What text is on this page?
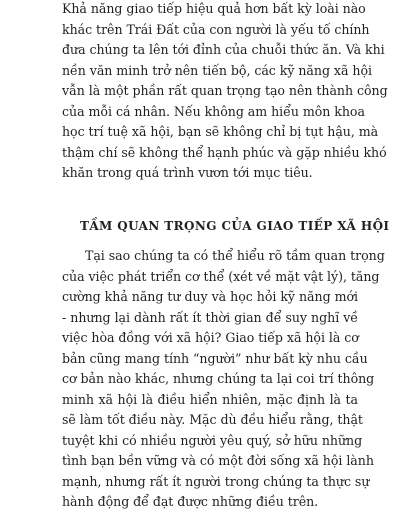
Khả năng giao tiếp hiệu quả hơn bất kỳ loài nào
khác trên Trái Đất của con người là yếu tố chính
đưa chúng ta lên tới đỉnh của chuỗi thức ăn. Và khi
nền văn minh trở nên tiến bộ, các kỹ năng xã hội
vẫn là một phần rất quan trọng tạo nên thành công
của mỗi cá nhân. Nếu không am hiểu môn khoa
học trí tuệ xã hội, bạn sẽ không chỉ bị tụt hậu, mà
thậm chí sẽ không thể hạnh phúc và gặp nhiều khó
khăn trong quá trình vươn tới mục tiêu.
TẦM QUAN TRỌNG CỦA GIAO TIẾP XÃ HỘI
Tại sao chúng ta có thể hiểu rõ tầm quan trọng
của việc phát triển cơ thể (xét về mặt vật lý), tăng
cường khả năng tư duy và học hỏi kỹ năng mới
- nhưng lại dành rất ít thời gian để suy nghĩ về
việc hòa đồng với xã hội? Giao tiếp xã hội là cơ
bản cũng mang tính “người” như bất kỳ nhu cầu
cơ bản nào khác, nhưng chúng ta lại coi trí thông
minh xã hội là điều hiển nhiên, mặc định là ta
sẽ làm tốt điều này. Mặc dù đều hiểu rằng, thật
tuyệt khi có nhiều người yêu quý, sở hữu những
tình bạn bền vững và có một đời sống xã hội lành
mạnh, nhưng rất ít người trong chúng ta thực sự
hành động để đạt được những điều trên.
